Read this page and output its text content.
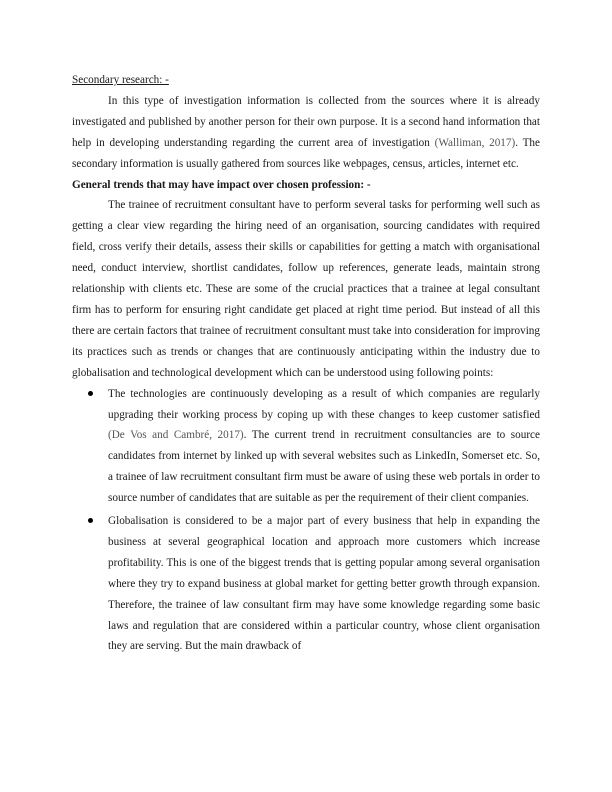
Secondary research: -

In this type of investigation information is collected from the sources where it is already investigated and published by another person for their own purpose. It is a second hand information that help in developing understanding regarding the current area of investigation (Walliman, 2017). The secondary information is usually gathered from sources like webpages, census, articles, internet etc.

General trends that may have impact over chosen profession: -

The trainee of recruitment consultant have to perform several tasks for performing well such as getting a clear view regarding the hiring need of an organisation, sourcing candidates with required field, cross verify their details, assess their skills or capabilities for getting a match with organisational need, conduct interview, shortlist candidates, follow up references, generate leads, maintain strong relationship with clients etc. These are some of the crucial practices that a trainee at legal consultant firm has to perform for ensuring right candidate get placed at right time period. But instead of all this there are certain factors that trainee of recruitment consultant must take into consideration for improving its practices such as trends or changes that are continuously anticipating within the industry due to globalisation and technological development which can be understood using following points:

The technologies are continuously developing as a result of which companies are regularly upgrading their working process by coping up with these changes to keep customer satisfied (De Vos and Cambré, 2017). The current trend in recruitment consultancies are to source candidates from internet by linked up with several websites such as LinkedIn, Somerset etc. So, a trainee of law recruitment consultant firm must be aware of using these web portals in order to source number of candidates that are suitable as per the requirement of their client companies.
Globalisation is considered to be a major part of every business that help in expanding the business at several geographical location and approach more customers which increase profitability. This is one of the biggest trends that is getting popular among several organisation where they try to expand business at global market for getting better growth through expansion. Therefore, the trainee of law consultant firm may have some knowledge regarding some basic laws and regulation that are considered within a particular country, whose client organisation they are serving. But the main drawback of
